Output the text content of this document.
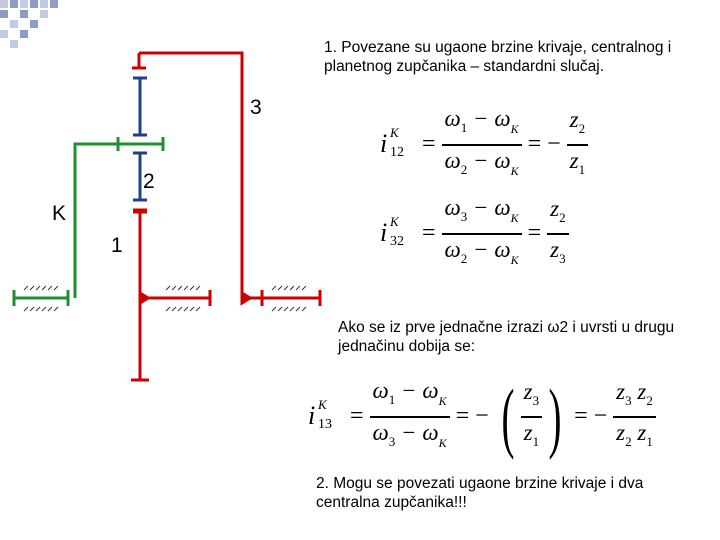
3
2
K
1
1. Povezane su ugaone brzine krivaje, centralnog i planetnog zupčanika – standardni slučaj.
i K
$12 = \frac{\omega_1 - \omega_K}{\omega_2 - \omega_K}$ = − $\frac{z_2}{z_1}$
i K
$32 = \frac{\omega_3 - \omega_K}{\omega_2 - \omega_K} = \frac{z_2}{z_3}$
Ako se iz prve jednačne izrazi ω2 i uvrsti u drugu jednačinu dobija se:
i K
$13 = \frac{\omega_1 - \omega_K}{\omega_3 - \omega_K}$ = − ( $\frac{z_3}{z_1}$ ) = − $\frac{z_3 z_2}{z_2 z_1}$
2. Mogu se povezati ugaone brzine krivaje i dva centralna zupčanika!!!
